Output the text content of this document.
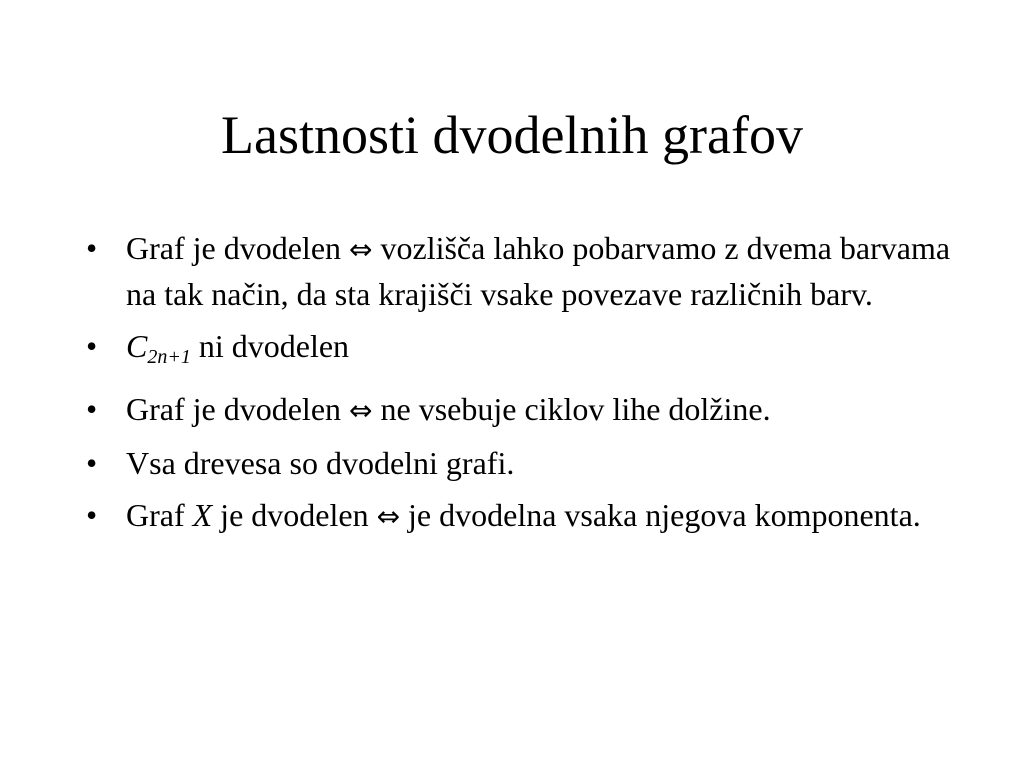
Lastnosti dvodelnih grafov
• Graf je dvodelen ⇔ vozlišča lahko pobarvamo z dvema barvama na tak način, da sta krajišči vsake povezave različnih barv.
• $C_{2n+1}$ ni dvodelen
• Graf je dvodelen ⇔ ne vsebuje ciklov lihe dolžine.
• Vsa drevesa so dvodelni grafi.
• Graf X je dvodelen ⇔ je dvodelna vsaka njegova komponenta.
